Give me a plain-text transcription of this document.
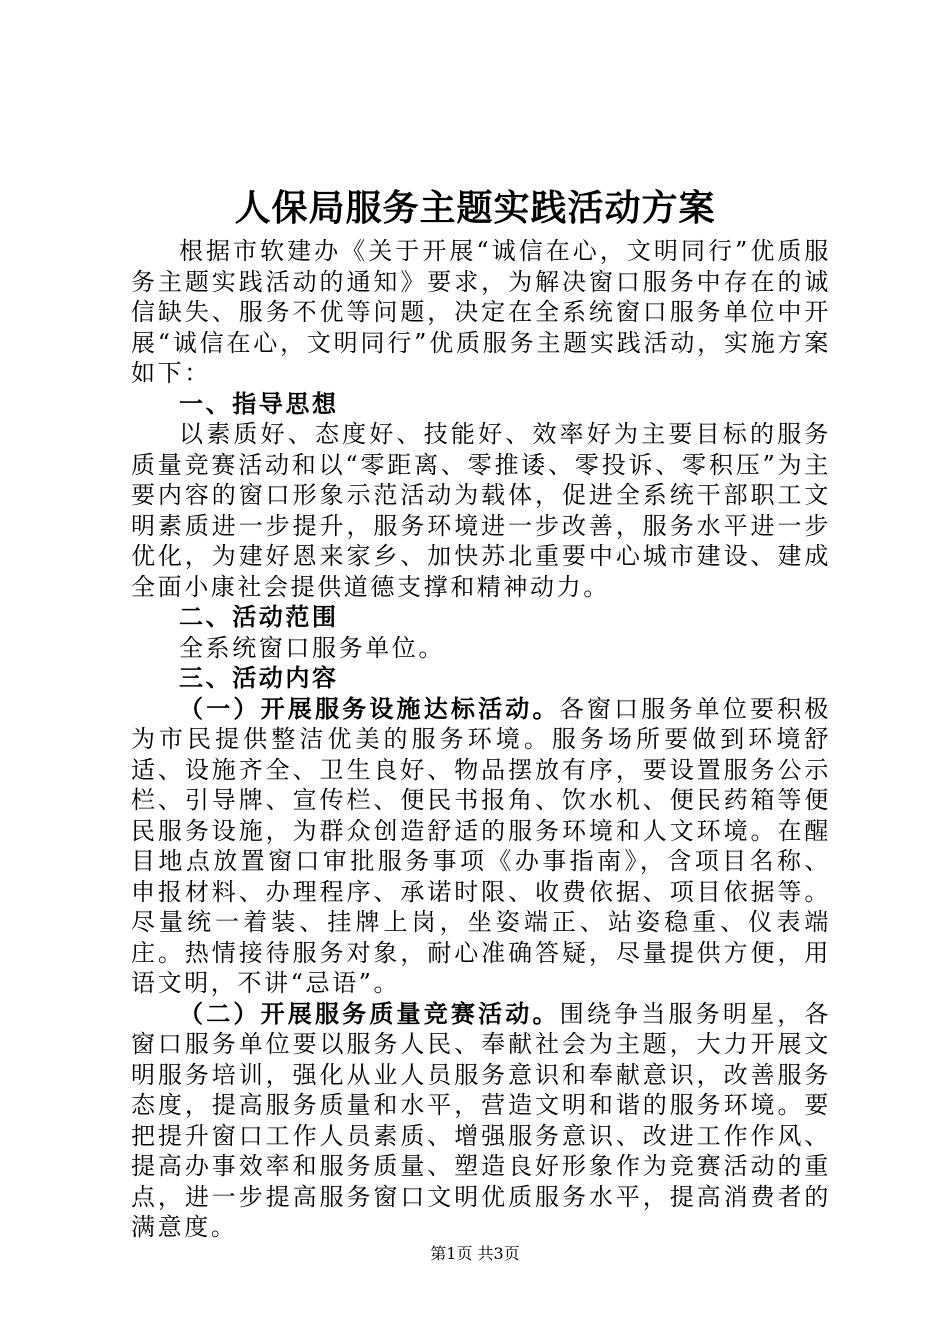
人保局服务主题实践活动方案

根据市软建办《关于开展“诚信在心，文明同行”优质服务主题实践活动的通知》要求，为解决窗口服务中存在的诚信缺失、服务不优等问题，决定在全系统窗口服务单位中开展“诚信在心，文明同行”优质服务主题实践活动，实施方案如下：

一、指导思想

以素质好、态度好、技能好、效率好为主要目标的服务质量竞赛活动和以“零距离、零推诿、零投诉、零积压”为主要内容的窗口形象示范活动为载体，促进全系统干部职工文明素质进一步提升，服务环境进一步改善，服务水平进一步优化，为建好恩来家乡、加快苏北重要中心城市建设、建成全面小康社会提供道德支撑和精神动力。

二、活动范围

全系统窗口服务单位。

三、活动内容

（一）开展服务设施达标活动。各窗口服务单位要积极为市民提供整洁优美的服务环境。服务场所要做到环境舒适、设施齐全、卫生良好、物品摆放有序，要设置服务公示栏、引导牌、宣传栏、便民书报角、饮水机、便民药箱等便民服务设施，为群众创造舒适的服务环境和人文环境。在醒目地点放置窗口审批服务事项《办事指南》，含项目名称、申报材料、办理程序、承诺时限、收费依据、项目依据等。尽量统一着装、挂牌上岗，坐姿端正、站姿稳重、仪表端庄。热情接待服务对象，耐心准确答疑，尽量提供方便，用语文明，不讲“忌语”。

（二）开展服务质量竞赛活动。围绕争当服务明星，各窗口服务单位要以服务人民、奉献社会为主题，大力开展文明服务培训，强化从业人员服务意识和奉献意识，改善服务态度，提高服务质量和水平，营造文明和谐的服务环境。要把提升窗口工作人员素质、增强服务意识、改进工作作风、提高办事效率和服务质量、塑造良好形象作为竞赛活动的重点，进一步提高服务窗口文明优质服务水平，提高消费者的满意度。

第1页 共3页
